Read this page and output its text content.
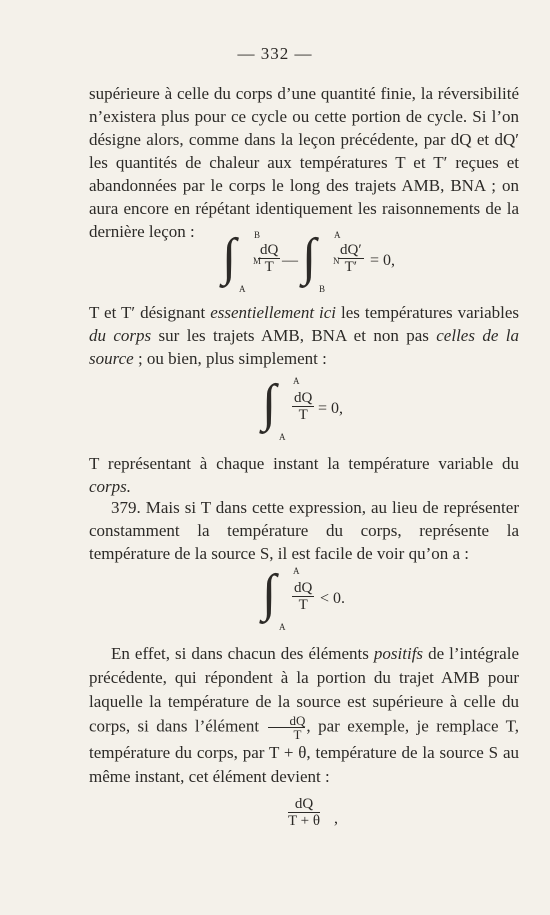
— 332 —

supérieure à celle du corps d’une quantité finie, la réversibilité n’existera plus pour ce cycle ou cette portion de cycle. Si l’on désigne alors, comme dans la leçon précédente, par dQ et dQ′ les quantités de chaleur aux températures T et T′ reçues et abandonnées par le corps le long des trajets AMB, BNA ; on aura encore en répétant identiquement les raisonnements de la dernière leçon : ∫ B
A
M
dQ
T — ∫ A
B
N
dQ′
T′ = 0,

T et T′ désignant essentiellement ici les températures variables du corps sur les trajets AMB, BNA et non pas celles de la source ; ou bien, plus simplement :

∫ A
A
dQ
T = 0,

T représentant à chaque instant la température variable du corps.

379. Mais si T dans cette expression, au lieu de représenter constamment la température du corps, représente la température de la source S, il est facile de voir qu’on a :

∫ A
A
dQ
T < 0.

En effet, si dans chacun des éléments positifs de l’intégrale précédente, qui répondent à la portion du trajet AMB pour laquelle la température de la source est supérieure à celle du corps, si dans l’élément $\frac{dQ}{T}$ , par exemple, je remplace T, température du corps, par T + θ, température de la source S au même instant, cet élément devient :

dQ
T + θ ,
